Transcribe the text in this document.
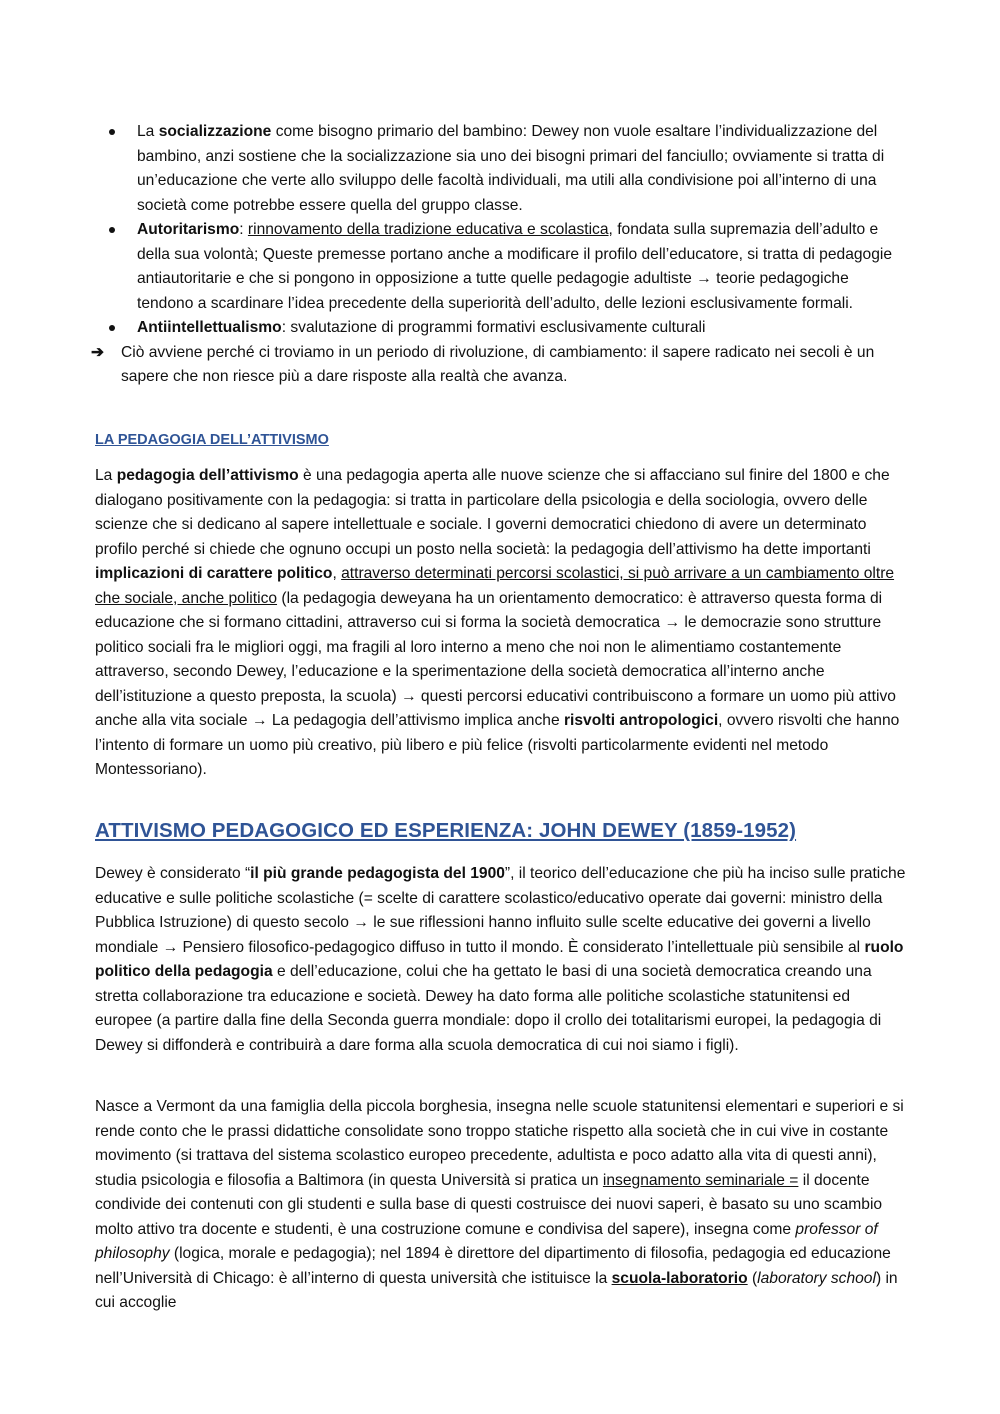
La socializzazione come bisogno primario del bambino: Dewey non vuole esaltare l’individualizzazione del bambino, anzi sostiene che la socializzazione sia uno dei bisogni primari del fanciullo; ovviamente si tratta di un’educazione che verte allo sviluppo delle facoltà individuali, ma utili alla condivisione poi all’interno di una società come potrebbe essere quella del gruppo classe.
Autoritarismo: rinnovamento della tradizione educativa e scolastica, fondata sulla supremazia dell’adulto e della sua volontà; Queste premesse portano anche a modificare il profilo dell’educatore, si tratta di pedagogie antiautoritarie e che si pongono in opposizione a tutte quelle pedagogie adultiste → teorie pedagogiche tendono a scardinare l’idea precedente della superiorità dell’adulto, delle lezioni esclusivamente formali.
Antiintellettualismo: svalutazione di programmi formativi esclusivamente culturali
➔ Ciò avviene perché ci troviamo in un periodo di rivoluzione, di cambiamento: il sapere radicato nei secoli è un sapere che non riesce più a dare risposte alla realtà che avanza.
LA PEDAGOGIA DELL’ATTIVISMO

La pedagogia dell’attivismo è una pedagogia aperta alle nuove scienze che si affacciano sul finire del 1800 e che dialogano positivamente con la pedagogia: si tratta in particolare della psicologia e della sociologia, ovvero delle scienze che si dedicano al sapere intellettuale e sociale. I governi democratici chiedono di avere un determinato profilo perché si chiede che ognuno occupi un posto nella società: la pedagogia dell’attivismo ha dette importanti implicazioni di carattere politico, attraverso determinati percorsi scolastici, si può arrivare a un cambiamento oltre che sociale, anche politico (la pedagogia deweyana ha un orientamento democratico: è attraverso questa forma di educazione che si formano cittadini, attraverso cui si forma la società democratica → le democrazie sono strutture politico sociali fra le migliori oggi, ma fragili al loro interno a meno che noi non le alimentiamo costantemente attraverso, secondo Dewey, l’educazione e la sperimentazione della società democratica all’interno anche dell’istituzione a questo preposta, la scuola) → questi percorsi educativi contribuiscono a formare un uomo più attivo anche alla vita sociale → La pedagogia dell’attivismo implica anche risvolti antropologici, ovvero risvolti che hanno l’intento di formare un uomo più creativo, più libero e più felice (risvolti particolarmente evidenti nel metodo Montessoriano).

ATTIVISMO PEDAGOGICO ED ESPERIENZA: JOHN DEWEY (1859-1952)

Dewey è considerato “il più grande pedagogista del 1900”, il teorico dell’educazione che più ha inciso sulle pratiche educative e sulle politiche scolastiche (= scelte di carattere scolastico/educativo operate dai governi: ministro della Pubblica Istruzione) di questo secolo → le sue riflessioni hanno influito sulle scelte educative dei governi a livello mondiale → Pensiero filosofico-pedagogico diffuso in tutto il mondo. È considerato l’intellettuale più sensibile al ruolo politico della pedagogia e dell’educazione, colui che ha gettato le basi di una società democratica creando una stretta collaborazione tra educazione e società. Dewey ha dato forma alle politiche scolastiche statunitensi ed europee (a partire dalla fine della Seconda guerra mondiale: dopo il crollo dei totalitarismi europei, la pedagogia di Dewey si diffonderà e contribuirà a dare forma alla scuola democratica di cui noi siamo i figli).

Nasce a Vermont da una famiglia della piccola borghesia, insegna nelle scuole statunitensi elementari e superiori e si rende conto che le prassi didattiche consolidate sono troppo statiche rispetto alla società che in cui vive in costante movimento (si trattava del sistema scolastico europeo precedente, adultista e poco adatto alla vita di questi anni), studia psicologia e filosofia a Baltimora (in questa Università si pratica un insegnamento seminariale = il docente condivide dei contenuti con gli studenti e sulla base di questi costruisce dei nuovi saperi, è basato su uno scambio molto attivo tra docente e studenti, è una costruzione comune e condivisa del sapere), insegna come professor of philosophy (logica, morale e pedagogia); nel 1894 è direttore del dipartimento di filosofia, pedagogia ed educazione nell’Università di Chicago: è all’interno di questa università che istituisce la scuola-laboratorio (laboratory school) in cui accoglie
